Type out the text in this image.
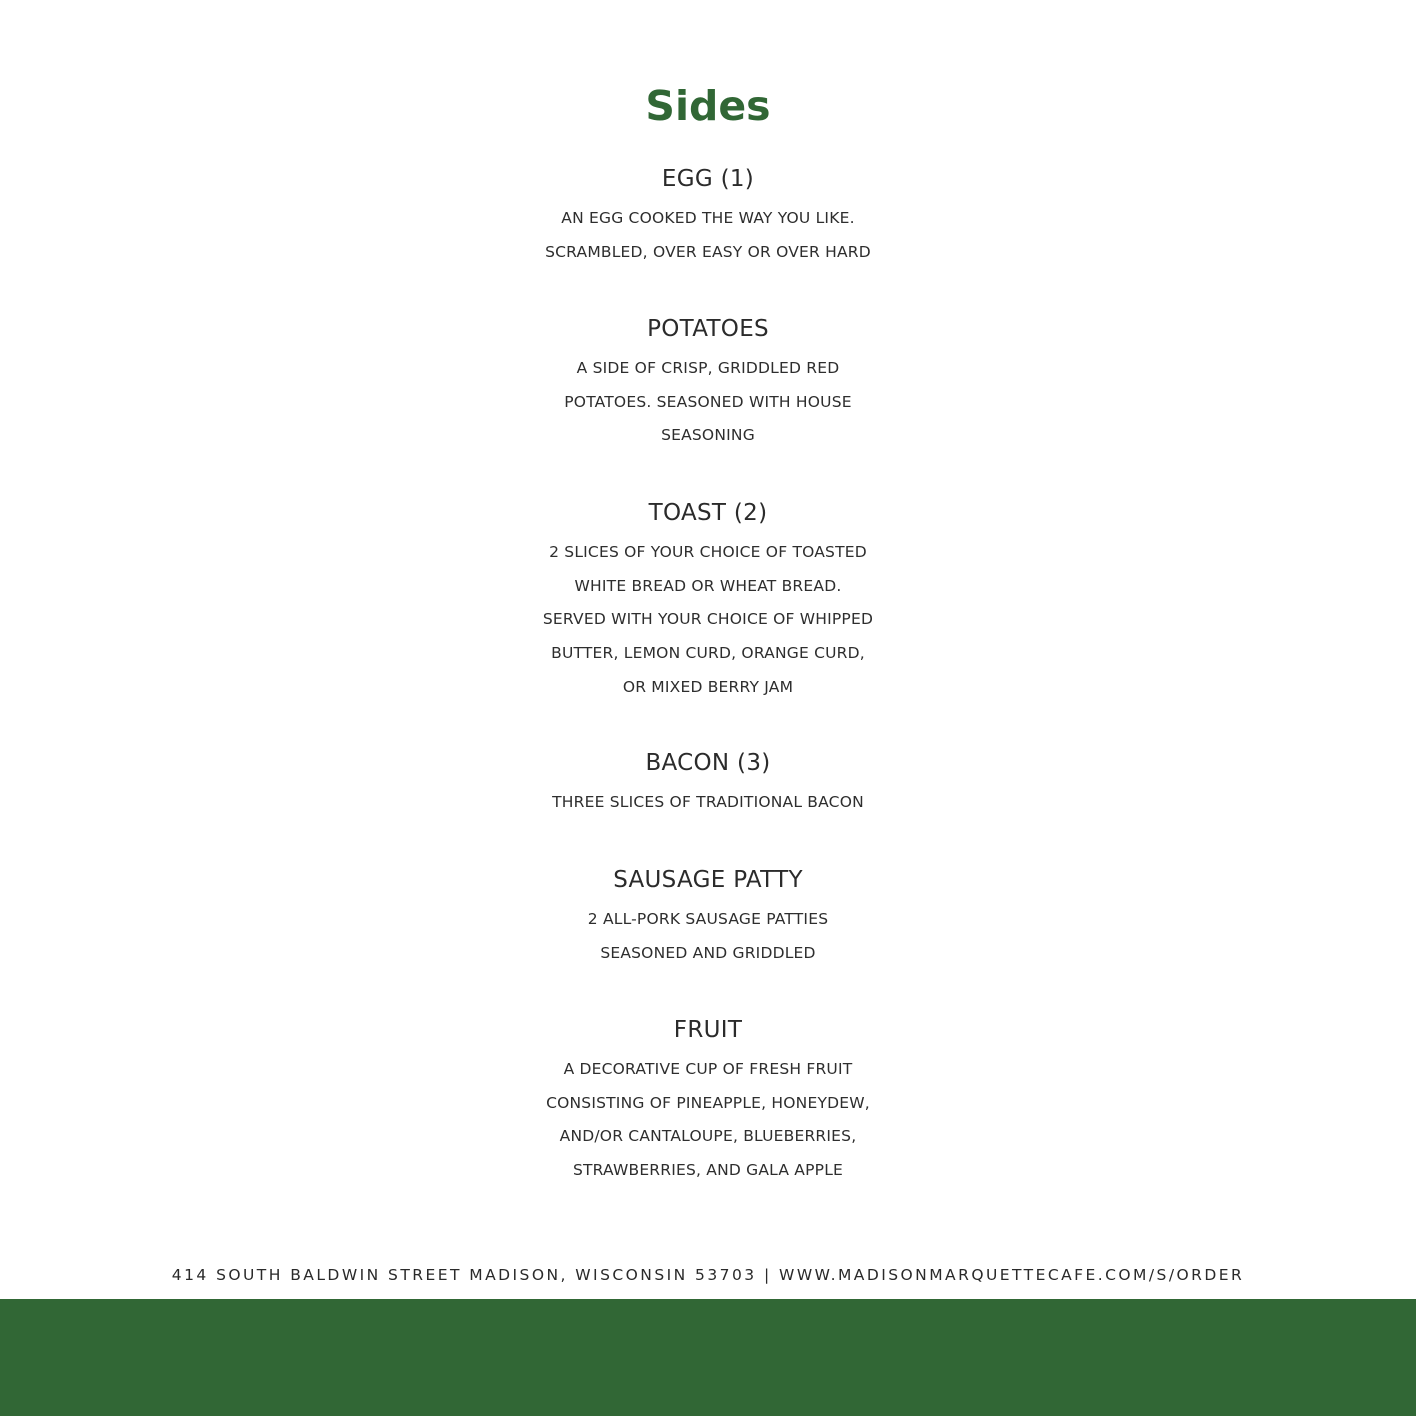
Sides
EGG (1)
AN EGG COOKED THE WAY YOU LIKE.
SCRAMBLED, OVER EASY OR OVER HARD
POTATOES
A SIDE OF CRISP, GRIDDLED RED
POTATOES. SEASONED WITH HOUSE
SEASONING
TOAST (2)
2 SLICES OF YOUR CHOICE OF TOASTED
WHITE BREAD OR WHEAT BREAD.
SERVED WITH YOUR CHOICE OF WHIPPED
BUTTER, LEMON CURD, ORANGE CURD,
OR MIXED BERRY JAM
BACON (3)
THREE SLICES OF TRADITIONAL BACON
SAUSAGE PATTY
2 ALL-PORK SAUSAGE PATTIES
SEASONED AND GRIDDLED
FRUIT
A DECORATIVE CUP OF FRESH FRUIT
CONSISTING OF PINEAPPLE, HONEYDEW,
AND/OR CANTALOUPE, BLUEBERRIES,
STRAWBERRIES, AND GALA APPLE
414 SOUTH BALDWIN STREET MADISON, WISCONSIN 53703 | WWW.MADISONMARQUETTECAFE.COM/S/ORDER
